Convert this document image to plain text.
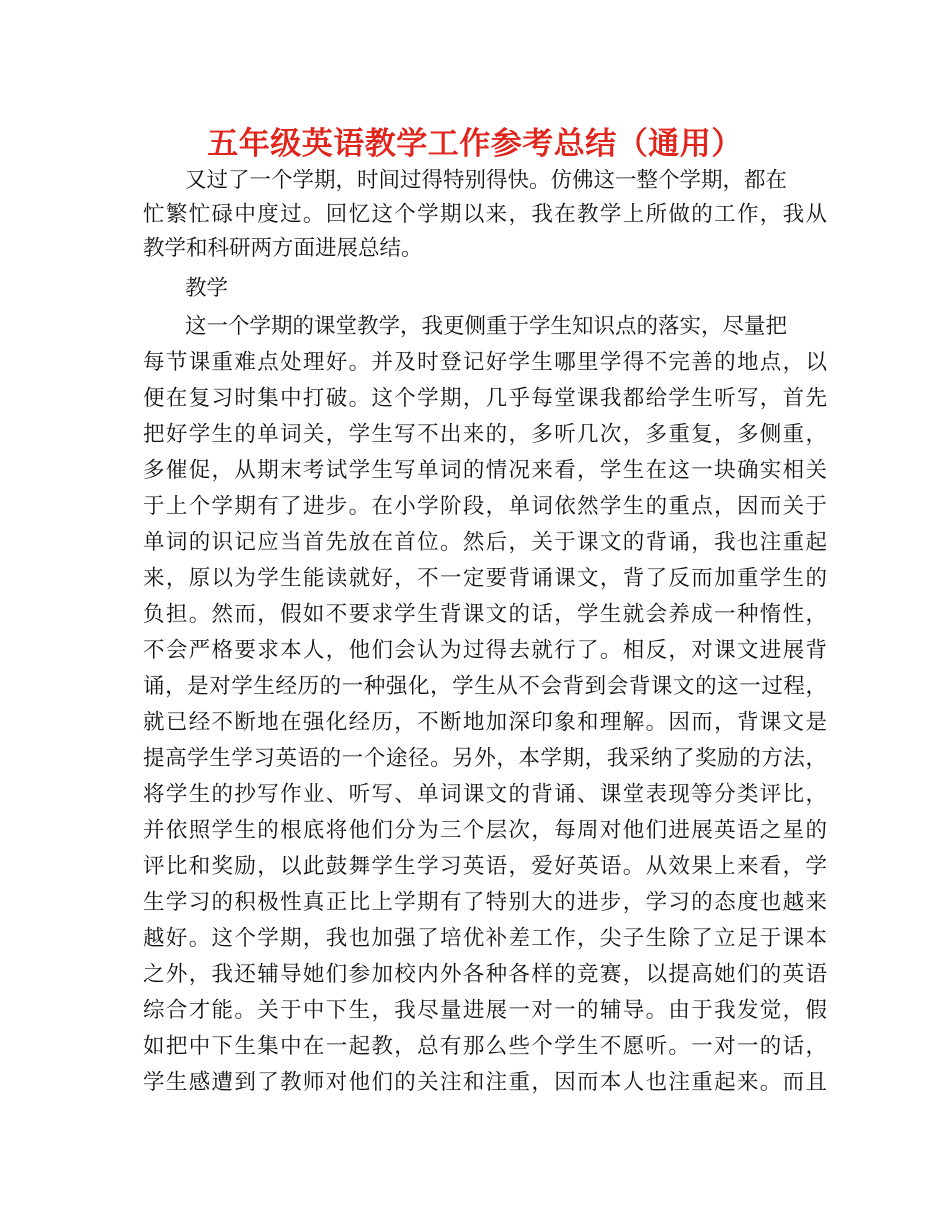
五年级英语教学工作参考总结（通用）
又过了一个学期，时间过得特别得快。仿佛这一整个学期，都在
忙繁忙碌中度过。回忆这个学期以来，我在教学上所做的工作，我从
教学和科研两方面进展总结。
教学
这一个学期的课堂教学，我更侧重于学生知识点的落实，尽量把
每节课重难点处理好。并及时登记好学生哪里学得不完善的地点，以
便在复习时集中打破。这个学期，几乎每堂课我都给学生听写，首先
把好学生的单词关，学生写不出来的，多听几次，多重复，多侧重，
多催促，从期末考试学生写单词的情况来看，学生在这一块确实相关
于上个学期有了进步。在小学阶段，单词依然学生的重点，因而关于
单词的识记应当首先放在首位。然后，关于课文的背诵，我也注重起
来，原以为学生能读就好，不一定要背诵课文，背了反而加重学生的
负担。然而，假如不要求学生背课文的话，学生就会养成一种惰性，
不会严格要求本人，他们会认为过得去就行了。相反，对课文进展背
诵，是对学生经历的一种强化，学生从不会背到会背课文的这一过程，
就已经不断地在强化经历，不断地加深印象和理解。因而，背课文是
提高学生学习英语的一个途径。另外，本学期，我采纳了奖励的方法，
将学生的抄写作业、听写、单词课文的背诵、课堂表现等分类评比，
并依照学生的根底将他们分为三个层次，每周对他们进展英语之星的
评比和奖励，以此鼓舞学生学习英语，爱好英语。从效果上来看，学
生学习的积极性真正比上学期有了特别大的进步，学习的态度也越来
越好。这个学期，我也加强了培优补差工作，尖子生除了立足于课本
之外，我还辅导她们参加校内外各种各样的竞赛，以提高她们的英语
综合才能。关于中下生，我尽量进展一对一的辅导。由于我发觉，假
如把中下生集中在一起教，总有那么些个学生不愿听。一对一的话，
学生感遭到了教师对他们的关注和注重，因而本人也注重起来。而且
